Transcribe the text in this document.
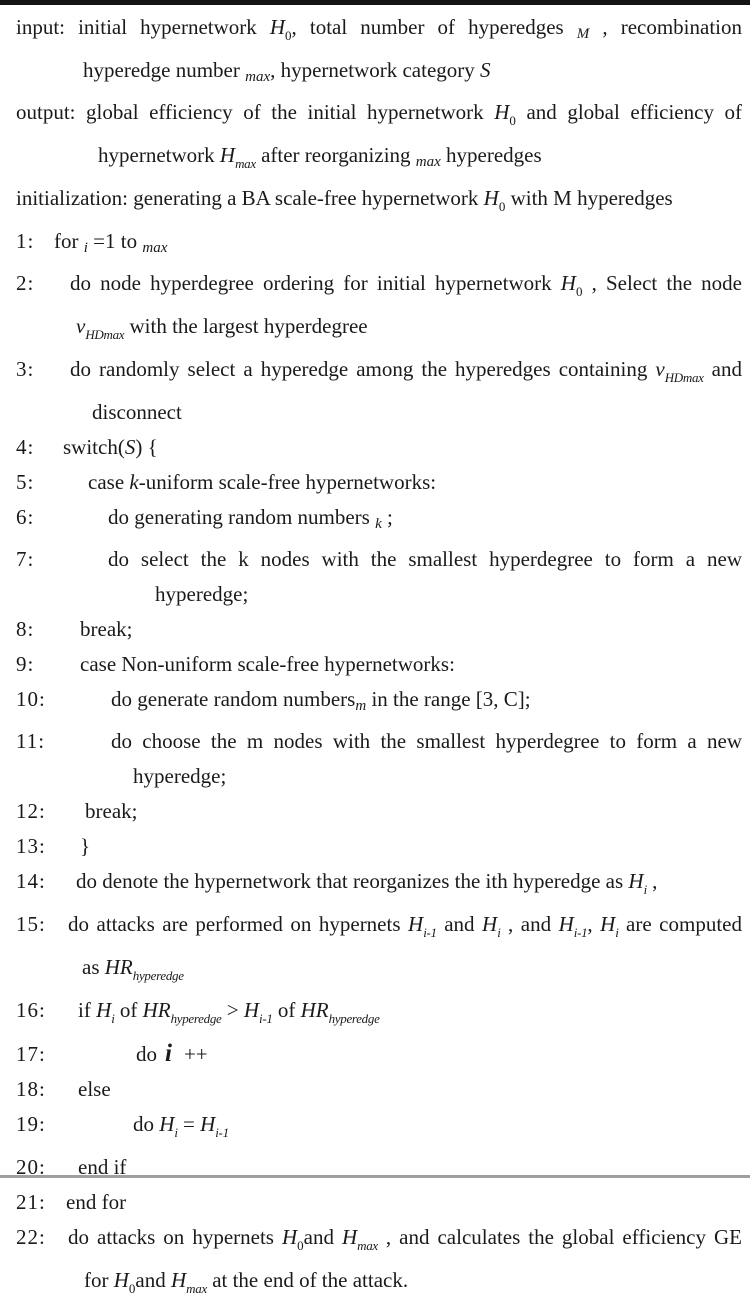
input: initial hypernetwork $H_0$, total number of hyperedges M , recombination
hyperedge number max, hypernetwork category S
output: global efficiency of the initial hypernetwork $H_0$ and global efficiency of
hypernetwork $H_{max}$ after reorganizing max hyperedges
initialization: generating a BA scale-free hypernetwork $H_0$ with M hyperedges
1: for i =1 to max
2: do node hyperdegree ordering for initial hypernetwork $H_0$ , Select the node
$v_{HDmax}$ with the largest hyperdegree
3: do randomly select a hyperedge among the hyperedges containing $v_{HDmax}$ and
disconnect
4: switch(S) {
5:	case k-uniform scale-free hypernetworks:
6:	do generating random numbers k ;
7:	do select the k nodes with the smallest hyperdegree to form a new
hyperedge;
8: break;
9: case Non-uniform scale-free hypernetworks:
10:	do generate random numbersm in the range [3, C];
11:	do choose the m nodes with the smallest hyperdegree to form a new
hyperedge;
12: break;
13: }
14: do denote the hypernetwork that reorganizes the ith hyperedge as $H_i$ ,
15: do attacks are performed on hypernets $H_{i-1}$ and $H_i$ , and $H_{i-1}$, $H_i$ are computed
as $HR_{hyperedge}$
16: if $H_i$ of $HR_{hyperedge} > H_{i-1}$ of $HR_{hyperedge}$
17:	do i ++
18: else
19:	do $H_i = H_{i-1}$
20: end if
21: end for
22: do attacks on hypernets $H_0and$ $H_{max}$ , and calculates the global efficiency GE
for $H_0and$ $H_{max}$ at the end of the attack.
